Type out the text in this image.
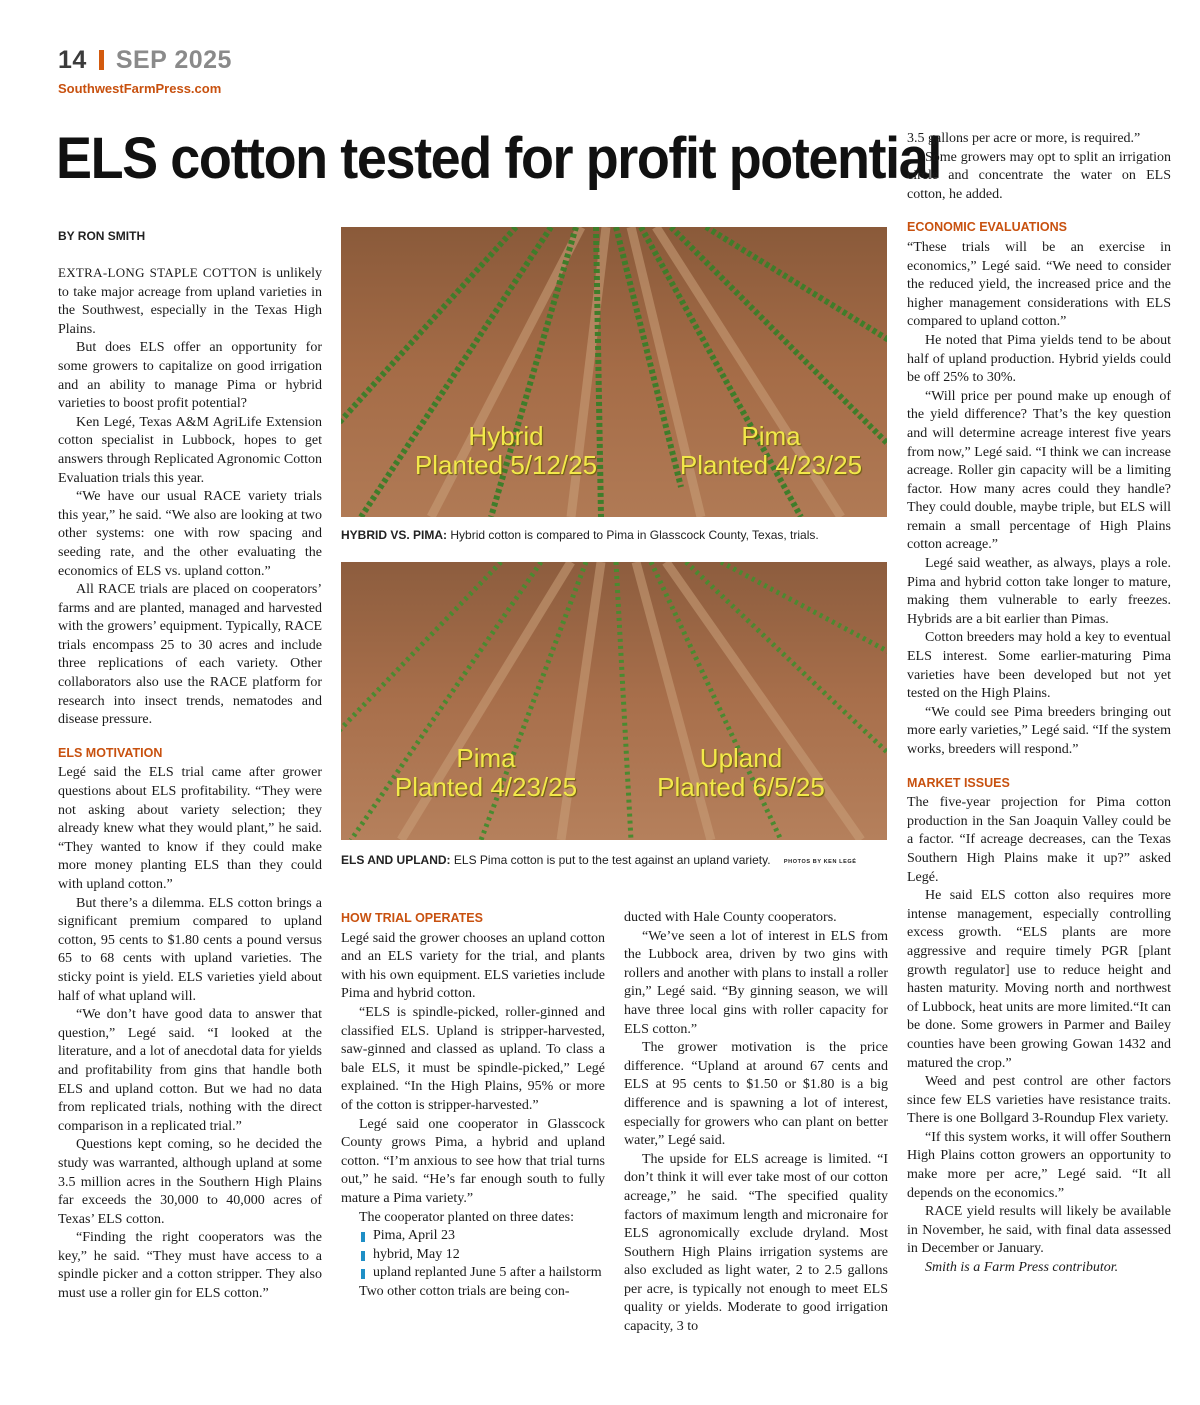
14 SEP 2025
SouthwestFarmPress.com
ELS cotton tested for profit potential
BY RON SMITH

EXTRA-LONG STAPLE COTTON is unlikely to take major acreage from upland varieties in the Southwest, especially in the Texas High Plains.

But does ELS offer an opportunity for some growers to capitalize on good irrigation and an ability to manage Pima or hybrid varieties to boost profit potential?

Ken Legé, Texas A&M AgriLife Extension cotton specialist in Lubbock, hopes to get answers through Replicated Agronomic Cotton Evaluation trials this year.

“We have our usual RACE variety trials this year,” he said. “We also are looking at two other systems: one with row spacing and seeding rate, and the other evaluating the economics of ELS vs. upland cotton.”

All RACE trials are placed on cooperators’ farms and are planted, managed and harvested with the growers’ equipment. Typically, RACE trials encompass 25 to 30 acres and include three replications of each variety. Other collaborators also use the RACE platform for research into insect trends, nematodes and disease pressure.

ELS MOTIVATION

Legé said the ELS trial came after grower questions about ELS profitability. “They were not asking about variety selection; they already knew what they would plant,” he said. “They wanted to know if they could make more money planting ELS than they could with upland cotton.”

But there’s a dilemma. ELS cotton brings a significant premium compared to upland cotton, 95 cents to $1.80 cents a pound versus 65 to 68 cents with upland varieties. The sticky point is yield. ELS varieties yield about half of what upland will.

“We don’t have good data to answer that question,” Legé said. “I looked at the literature, and a lot of anecdotal data for yields and profitability from gins that handle both ELS and upland cotton. But we had no data from replicated trials, nothing with the direct comparison in a replicated trial.”

Questions kept coming, so he decided the study was warranted, although upland at some 3.5 million acres in the Southern High Plains far exceeds the 30,000 to 40,000 acres of Texas’ ELS cotton.

“Finding the right cooperators was the key,” he said. “They must have access to a spindle picker and a cotton stripper. They also must use a roller gin for ELS cotton.”

Hybrid
Planted 5/12/25
Pima
Planted 4/23/25
HYBRID VS. PIMA: Hybrid cotton is compared to Pima in Glasscock County, Texas, trials.
Pima
Planted 4/23/25
Upland
Planted 6/5/25
ELS AND UPLAND: ELS Pima cotton is put to the test against an upland variety. PHOTOS BY KEN LEGÉ
HOW TRIAL OPERATES

Legé said the grower chooses an upland cotton and an ELS variety for the trial, and plants with his own equipment. ELS varieties include Pima and hybrid cotton.

“ELS is spindle-picked, roller-ginned and classified ELS. Upland is stripper-harvested, saw-ginned and classed as upland. To class a bale ELS, it must be spindle-picked,” Legé explained. “In the High Plains, 95% or more of the cotton is stripper-harvested.”

Legé said one cooperator in Glasscock County grows Pima, a hybrid and upland cotton. “I’m anxious to see how that trial turns out,” he said. “He’s far enough south to fully mature a Pima variety.”

The cooperator planted on three dates:

Pima, April 23
hybrid, May 12
upland replanted June 5 after a hailstorm

Two other cotton trials are being con-

ducted with Hale County cooperators.

“We’ve seen a lot of interest in ELS from the Lubbock area, driven by two gins with rollers and another with plans to install a roller gin,” Legé said. “By ginning season, we will have three local gins with roller capacity for ELS cotton.”

The grower motivation is the price difference. “Upland at around 67 cents and ELS at 95 cents to $1.50 or $1.80 is a big difference and is spawning a lot of interest, especially for growers who can plant on better water,” Legé said.

The upside for ELS acreage is limited. “I don’t think it will ever take most of our cotton acreage,” he said. “The specified quality factors of maximum length and micronaire for ELS agronomically exclude dryland. Most Southern High Plains irrigation systems are also excluded as light water, 2 to 2.5 gallons per acre, is typically not enough to meet ELS quality or yields. Moderate to good irrigation capacity, 3 to

3.5 gallons per acre or more, is required.”

Some growers may opt to split an irrigation circle and concentrate the water on ELS cotton, he added.

ECONOMIC EVALUATIONS

“These trials will be an exercise in economics,” Legé said. “We need to consider the reduced yield, the increased price and the higher management considerations with ELS compared to upland cotton.”

He noted that Pima yields tend to be about half of upland production. Hybrid yields could be off 25% to 30%.

“Will price per pound make up enough of the yield difference? That’s the key question and will determine acreage interest five years from now,” Legé said. “I think we can increase acreage. Roller gin capacity will be a limiting factor. How many acres could they handle? They could double, maybe triple, but ELS will remain a small percentage of High Plains cotton acreage.”

Legé said weather, as always, plays a role. Pima and hybrid cotton take longer to mature, making them vulnerable to early freezes. Hybrids are a bit earlier than Pimas.

Cotton breeders may hold a key to eventual ELS interest. Some earlier-maturing Pima varieties have been developed but not yet tested on the High Plains.

“We could see Pima breeders bringing out more early varieties,” Legé said. “If the system works, breeders will respond.”

MARKET ISSUES

The five-year projection for Pima cotton production in the San Joaquin Valley could be a factor. “If acreage decreases, can the Texas Southern High Plains make it up?” asked Legé.

He said ELS cotton also requires more intense management, especially controlling excess growth. “ELS plants are more aggressive and require timely PGR [plant growth regulator] use to reduce height and hasten maturity. Moving north and northwest of Lubbock, heat units are more limited.“It can be done. Some growers in Parmer and Bailey counties have been growing Gowan 1432 and matured the crop.”

Weed and pest control are other factors since few ELS varieties have resistance traits. There is one Bollgard 3-Roundup Flex variety.

“If this system works, it will offer Southern High Plains cotton growers an opportunity to make more per acre,” Legé said. “It all depends on the economics.”

RACE yield results will likely be available in November, he said, with final data assessed in December or January.

Smith is a Farm Press contributor.
